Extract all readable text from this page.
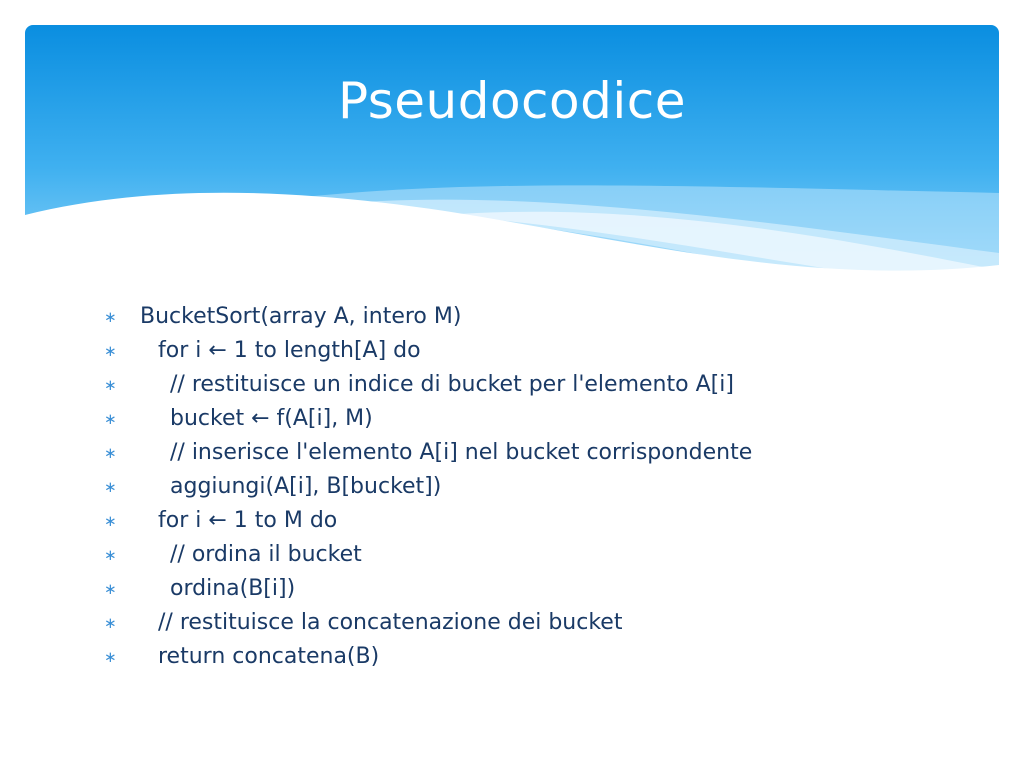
Pseudocodice
∗	BucketSort(array A, intero M)
∗	for i ← 1 to length[A] do
∗	// restituisce un indice di bucket per l'elemento A[i]
∗	bucket ← f(A[i], M)
∗	// inserisce l'elemento A[i] nel bucket corrispondente
∗	aggiungi(A[i], B[bucket])
∗	for i ← 1 to M do
∗	// ordina il bucket
∗	ordina(B[i])
∗	// restituisce la concatenazione dei bucket
∗	return concatena(B)
